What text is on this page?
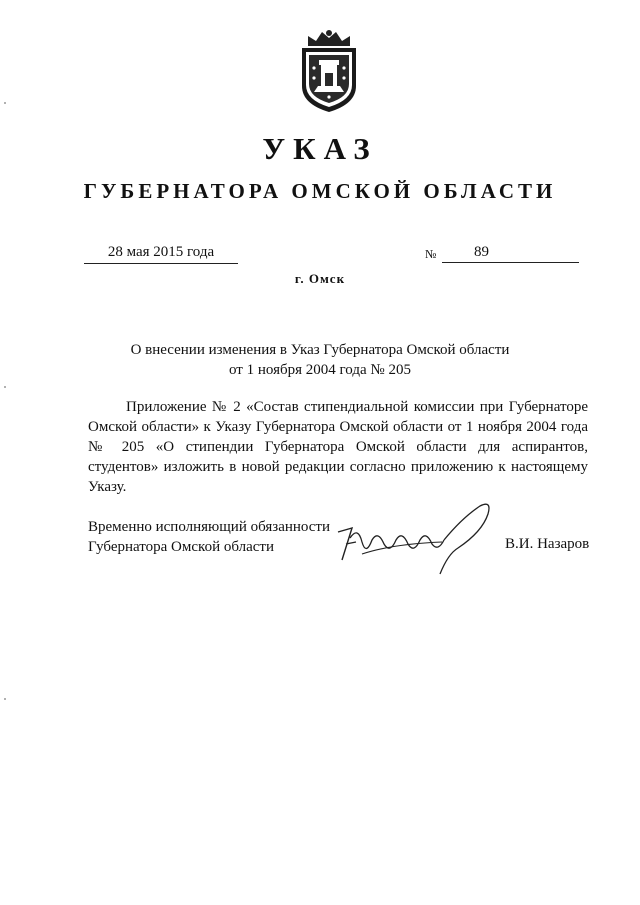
УКАЗ
ГУБЕРНАТОРА ОМСКОЙ ОБЛАСТИ
28 мая 2015 года	№	89
г. Омск
О внесении изменения в Указ Губернатора Омской области
от 1 ноября 2004 года № 205
Приложение № 2 «Состав стипендиальной комиссии при Губернаторе Омской области» к Указу Губернатора Омской области от 1 ноября 2004 года № 205 «О стипендии Губернатора Омской области для аспирантов, студентов» изложить в новой редакции согласно приложению к настоящему Указу.
Временно исполняющий обязанности
Губернатора Омской области	В.И. Назаров
